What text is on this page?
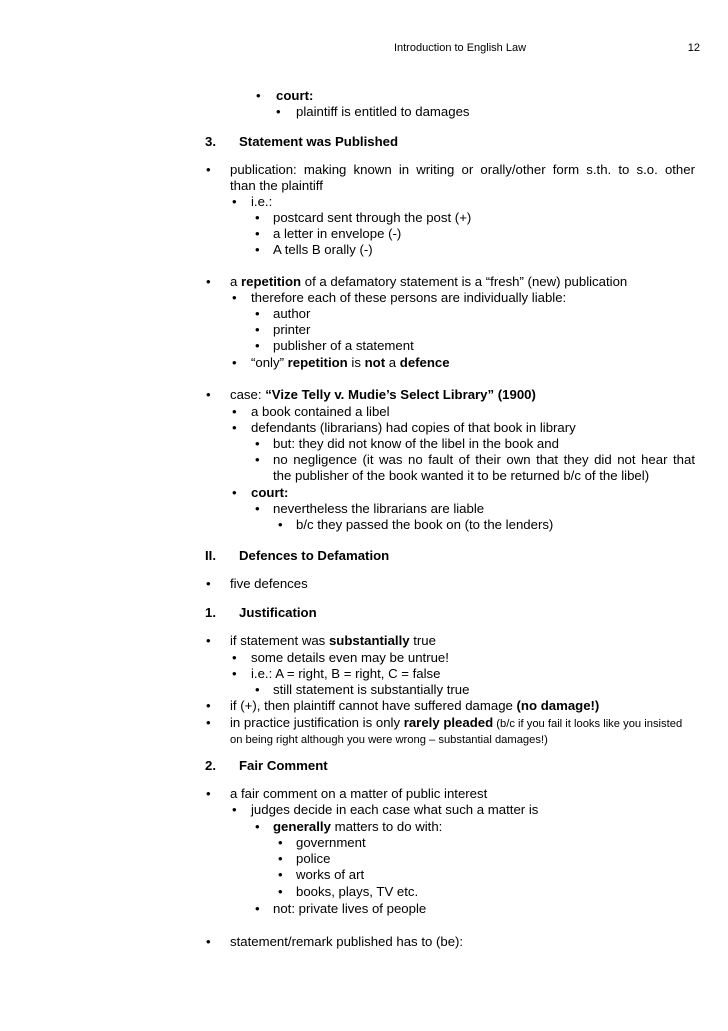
Introduction to English Law	12
• court:
• plaintiff is entitled to damages
3. Statement was Published
• publication: making known in writing or orally/other form s.th. to s.o. other
than the plaintiff
• i.e.:
• postcard sent through the post (+)
• a letter in envelope (-)
• A tells B orally (-)
• a repetition of a defamatory statement is a “fresh” (new) publication
• therefore each of these persons are individually liable:
• author
• printer
• publisher of a statement
• “only” repetition is not a defence
• case: “Vize Telly v. Mudie’s Select Library” (1900)
• a book contained a libel
• defendants (librarians) had copies of that book in library
• but: they did not know of the libel in the book and
• no negligence (it was no fault of their own that they did not hear that
the publisher of the book wanted it to be returned b/c of the libel)
• court:
• nevertheless the librarians are liable
• b/c they passed the book on (to the lenders)
II. Defences to Defamation
• five defences
1. Justification
• if statement was substantially true
• some details even may be untrue!
• i.e.: A = right, B = right, C = false
• still statement is substantially true
• if (+), then plaintiff cannot have suffered damage (no damage!)
• in practice justification is only rarely pleaded (b/c if you fail it looks like you insisted
on being right although you were wrong – substantial damages!)
2. Fair Comment
• a fair comment on a matter of public interest
• judges decide in each case what such a matter is
• generally matters to do with:
• government
• police
• works of art
• books, plays, TV etc.
• not: private lives of people
• statement/remark published has to (be):
